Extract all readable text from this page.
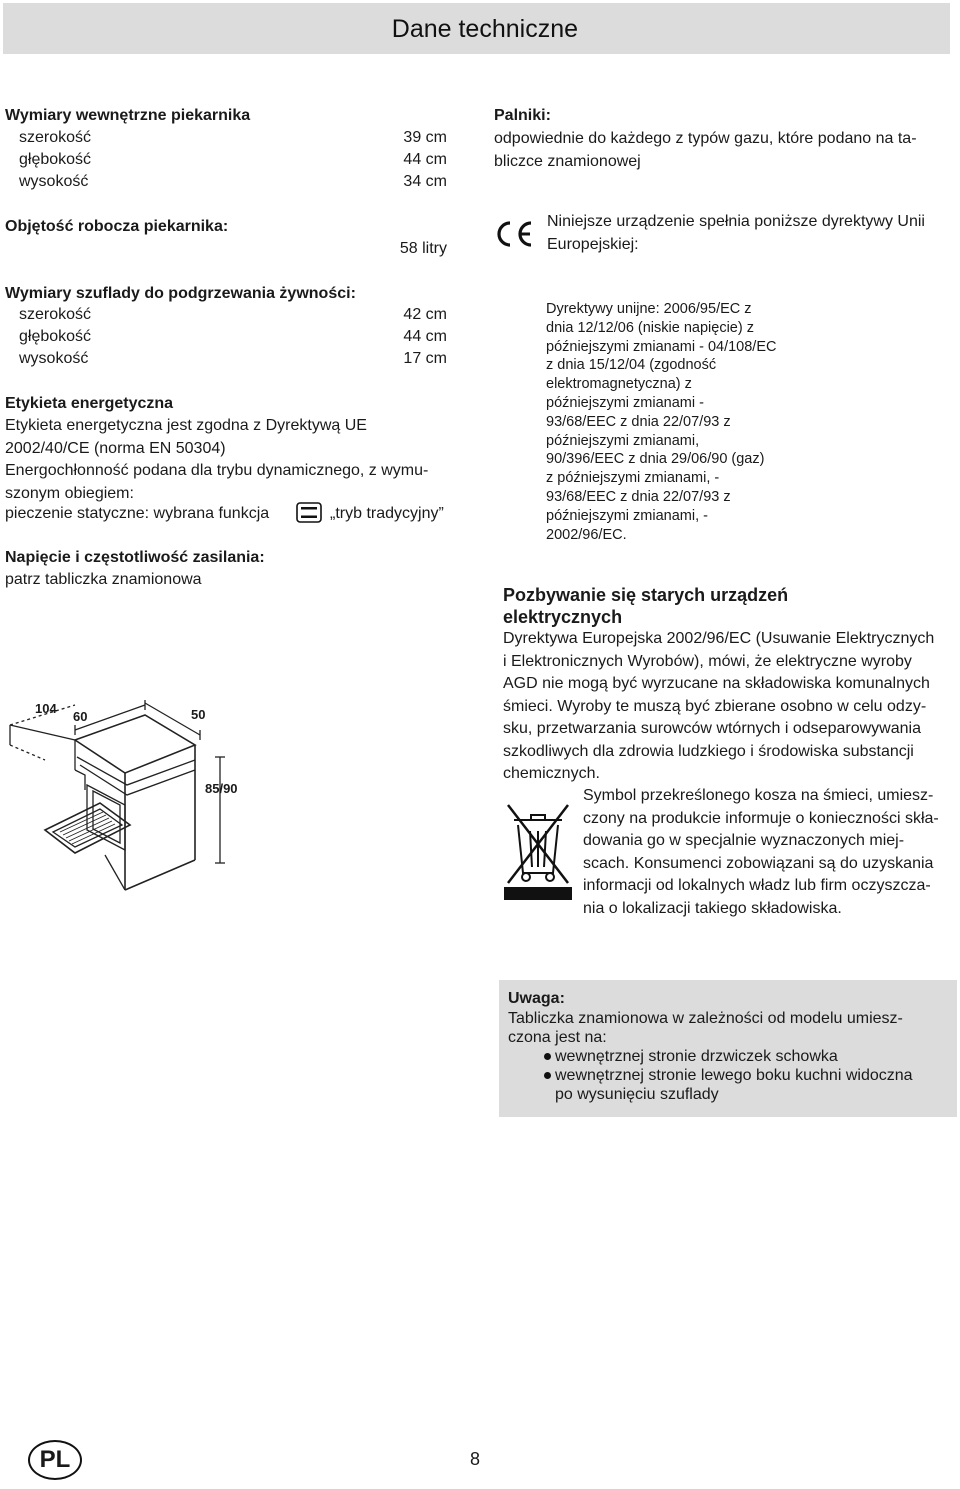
Dane techniczne
Wymiary wewnętrzne piekarnika
szerokość	39 cm
głębokość	44 cm
wysokość	34 cm
Objętość robocza piekarnika:
58 litry
Wymiary szuflady do podgrzewania żywności:
szerokość	42 cm
głębokość	44 cm
wysokość	17 cm
Etykieta energetyczna
Etykieta energetyczna jest zgodna z Dyrektywą UE
2002/40/CE (norma EN 50304)
Energochłonność podana dla trybu dynamicznego, z wymu-
szonym obiegiem:
pieczenie statyczne: wybrana funkcja	„tryb tradycyjny”
Napięcie i częstotliwość zasilania:
patrz tabliczka znamionowa
104
60	50
85/90
Palniki:
odpowiednie do każdego z typów gazu, które podano na ta-
bliczce znamionowej
Niniejsze urządzenie spełnia poniższe dyrektywy Unii
Europejskiej:
Dyrektywy unijne: 2006/95/EC z
dnia 12/12/06 (niskie napięcie) z
późniejszymi zmianami - 04/108/EC
z dnia 15/12/04 (zgodność
elektromagnetyczna) z
późniejszymi zmianami -
93/68/EEC z dnia 22/07/93 z
późniejszymi zmianami,
90/396/EEC z dnia 29/06/90 (gaz)
z późniejszymi zmianami, -
93/68/EEC z dnia 22/07/93 z
późniejszymi zmianami, -
2002/96/EC.
Pozbywanie się starych urządzeń
elektrycznych
Dyrektywa Europejska 2002/96/EC (Usuwanie Elektrycznych
i Elektronicznych Wyrobów), mówi, że elektryczne wyroby
AGD nie mogą być wyrzucane na składowiska komunalnych
śmieci. Wyroby te muszą być zbierane osobno w celu odzy-
sku, przetwarzania surowców wtórnych i odseparowywania
szkodliwych dla zdrowia ludzkiego i środowiska substancji
chemicznych.
Symbol przekreślonego kosza na śmieci, umiesz-
czony na produkcie informuje o konieczności skła-
dowania go w specjalnie wyznaczonych miej-
scach. Konsumenci zobowiązani są do uzyskania
informacji od lokalnych władz lub firm oczyszcza-
nia o lokalizacji takiego składowiska.
Uwaga:
Tabliczka znamionowa w zależności od modelu umiesz-
czona jest na:
wewnętrznej stronie drzwiczek schowka
wewnętrznej stronie lewego boku kuchni widoczna
po wysunięciu szuflady
PL	8
